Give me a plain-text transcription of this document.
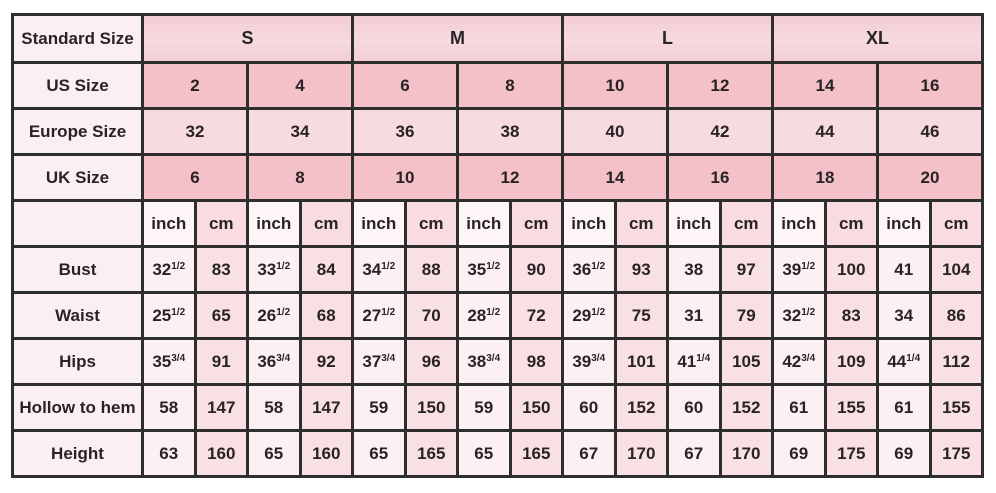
Standard Size	S				M				L				XL			
US Size	2		4		6		8		10		12		14		16	
Europe Size	32		34		36		38		40		42		44		46	
UK Size	6		8		10		12		14		16		18		20	
	inch	cm	inch	cm	inch	cm	inch	cm	inch	cm	inch	cm	inch	cm	inch	cm
Bust	$32^{1/2}$	83	$33^{1/2}$	84	$34^{1/2}$	88	$35^{1/2}$	90	$36^{1/2}$	93	38	97	$39^{1/2}$	100	41	104
Waist	$25^{1/2}$	65	$26^{1/2}$	68	$27^{1/2}$	70	$28^{1/2}$	72	$29^{1/2}$	75	31	79	$32^{1/2}$	83	34	86
Hips	$35^{3/4}$	91	$36^{3/4}$	92	$37^{3/4}$	96	$38^{3/4}$	98	$39^{3/4}$	101	$41^{1/4}$	105	$42^{3/4}$	109	$44^{1/4}$	112
Hollow to hem	58	147	58	147	59	150	59	150	60	152	60	152	61	155	61	155
Height	63	160	65	160	65	165	65	165	67	170	67	170	69	175	69	175
